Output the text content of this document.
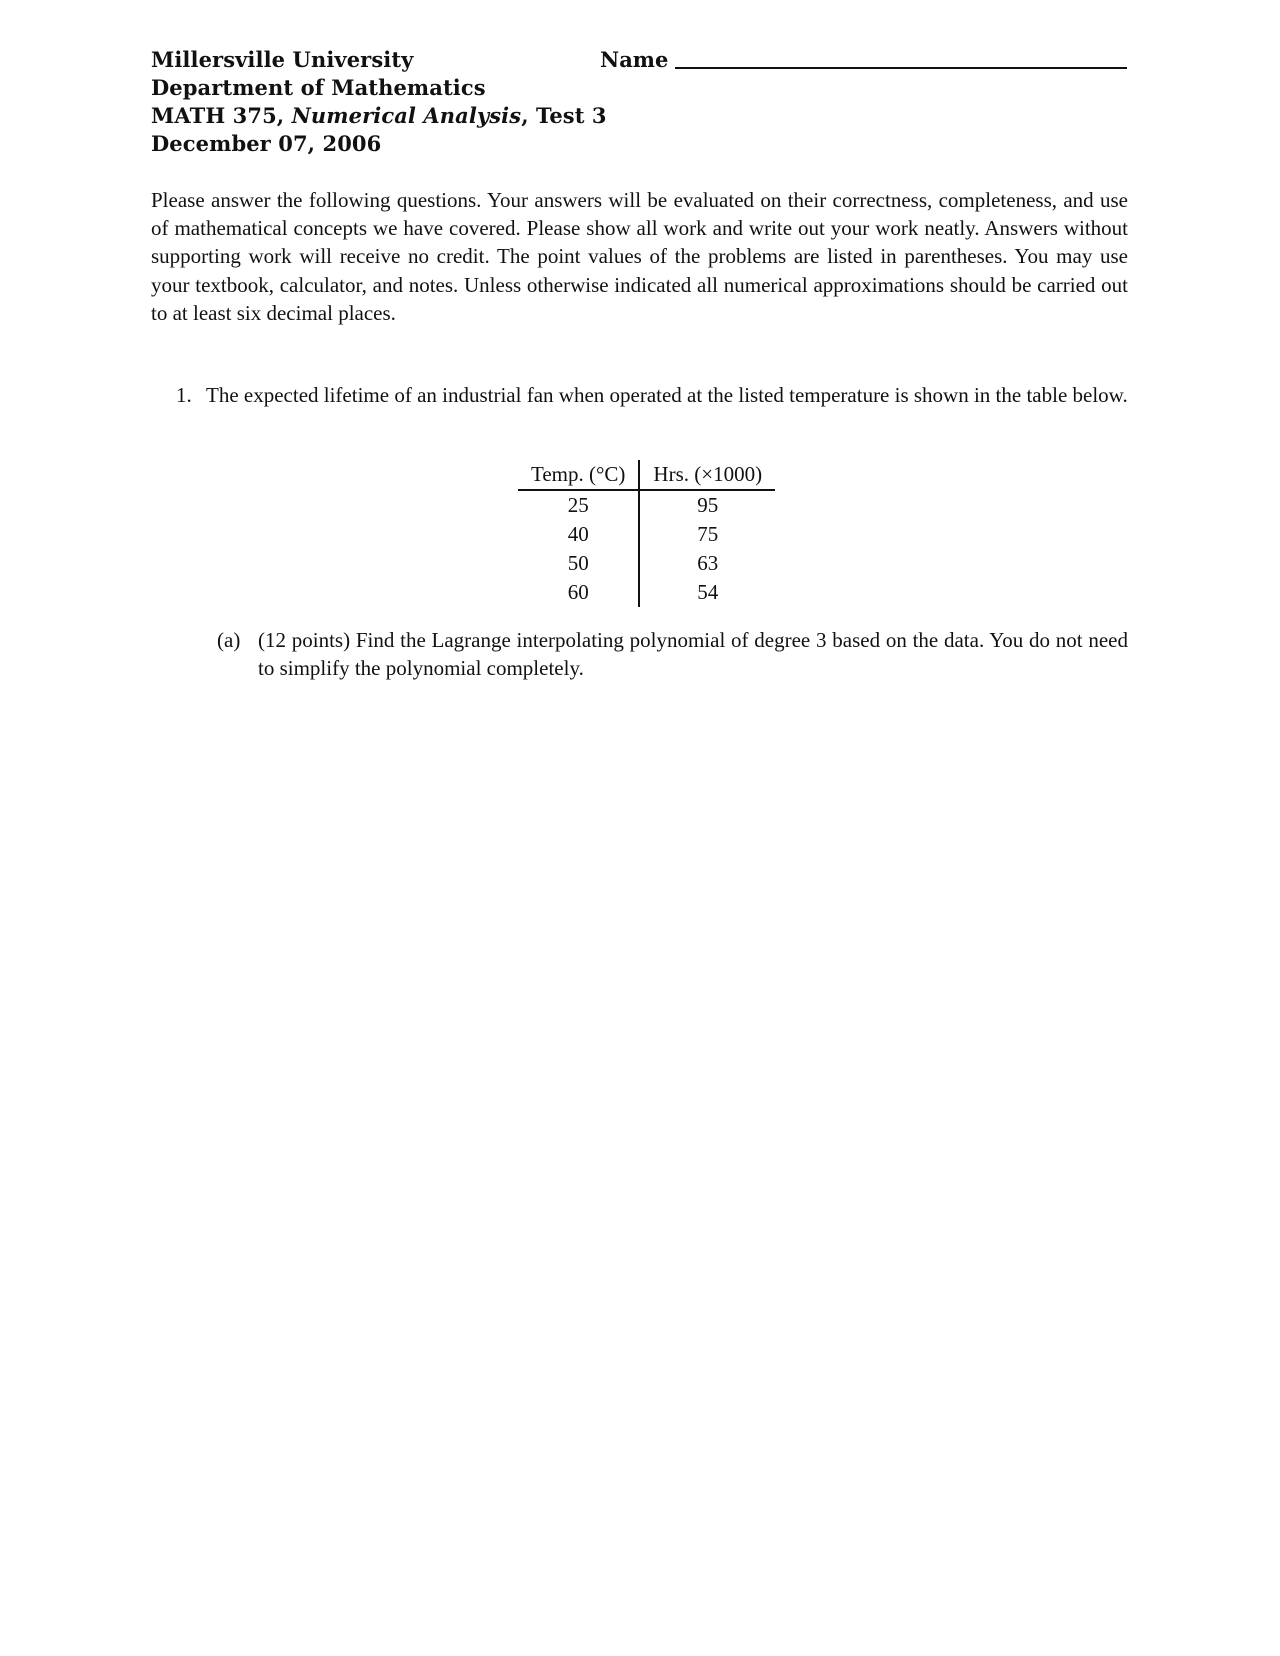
Millersville University
Department of Mathematics
MATH 375, Numerical Analysis, Test 3
December 07, 2006
Name
Please answer the following questions. Your answers will be evaluated on their correctness, completeness, and use of mathematical concepts we have covered. Please show all work and write out your work neatly. Answers without supporting work will receive no credit. The point values of the problems are listed in parentheses. You may use your textbook, calculator, and notes. Unless otherwise indicated all numerical approximations should be carried out to at least six decimal places.
1. The expected lifetime of an industrial fan when operated at the listed temperature is shown in the table below.
Temp. (°C)	Hrs. (×1000)
25	95
40	75
50	63
60	54
(a) (12 points) Find the Lagrange interpolating polynomial of degree 3 based on the data. You do not need to simplify the polynomial completely.
